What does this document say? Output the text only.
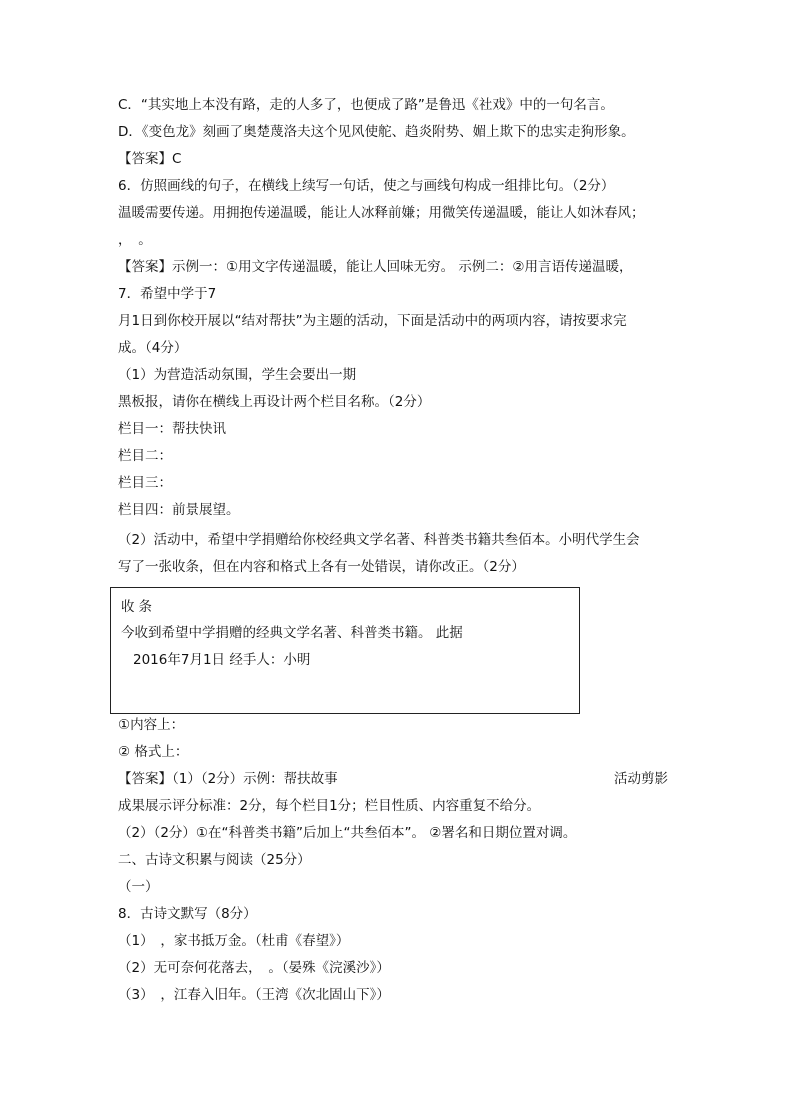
C．“其实地上本没有路，走的人多了，也便成了路”是鲁迅《社戏》中的一句名言。
D．《变色龙》刻画了奥楚蔑洛夫这个见风使舵、趋炎附势、媚上欺下的忠实走狗形象。
【答案】C
6．仿照画线的句子，在横线上续写一句话，使之与画线句构成一组排比句。（2分）
温暖需要传递。用拥抱传递温暖，能让人冰释前嫌；用微笑传递温暖，能让人如沐春风；
，　。
【答案】示例一：①用文字传递温暖，能让人回味无穷。 示例二：②用言语传递温暖，
7．希望中学于7
月1日到你校开展以“结对帮扶”为主题的活动，下面是活动中的两项内容，请按要求完
成。（4分）
（1）为营造活动氛围，学生会要出一期
黑板报，请你在横线上再设计两个栏目名称。（2分）
栏目一：帮扶快讯
栏目二：
栏目三：
栏目四：前景展望。
（2）活动中，希望中学捐赠给你校经典文学名著、科普类书籍共叁佰本。小明代学生会
写了一张收条，但在内容和格式上各有一处错误，请你改正。（2分）
收条
今收到希望中学捐赠的经典文学名著、科普类书籍。 此据
2016年7月1日 经手人：小明
①内容上：
② 格式上：
【答案】（1）（2分）示例：帮扶故事	活动剪影
成果展示评分标准：2分，每个栏目1分；栏目性质、内容重复不给分。
（2）（2分）①在“科普类书籍”后加上“共叁佰本”。 ②署名和日期位置对调。
二、古诗文积累与阅读（25分）
（一）
8．古诗文默写（8分）
（1）　，家书抵万金。（杜甫《春望》）
（2）无可奈何花落去，　。（晏殊《浣溪沙》）
（3）　，江春入旧年。（王湾《次北固山下》）
